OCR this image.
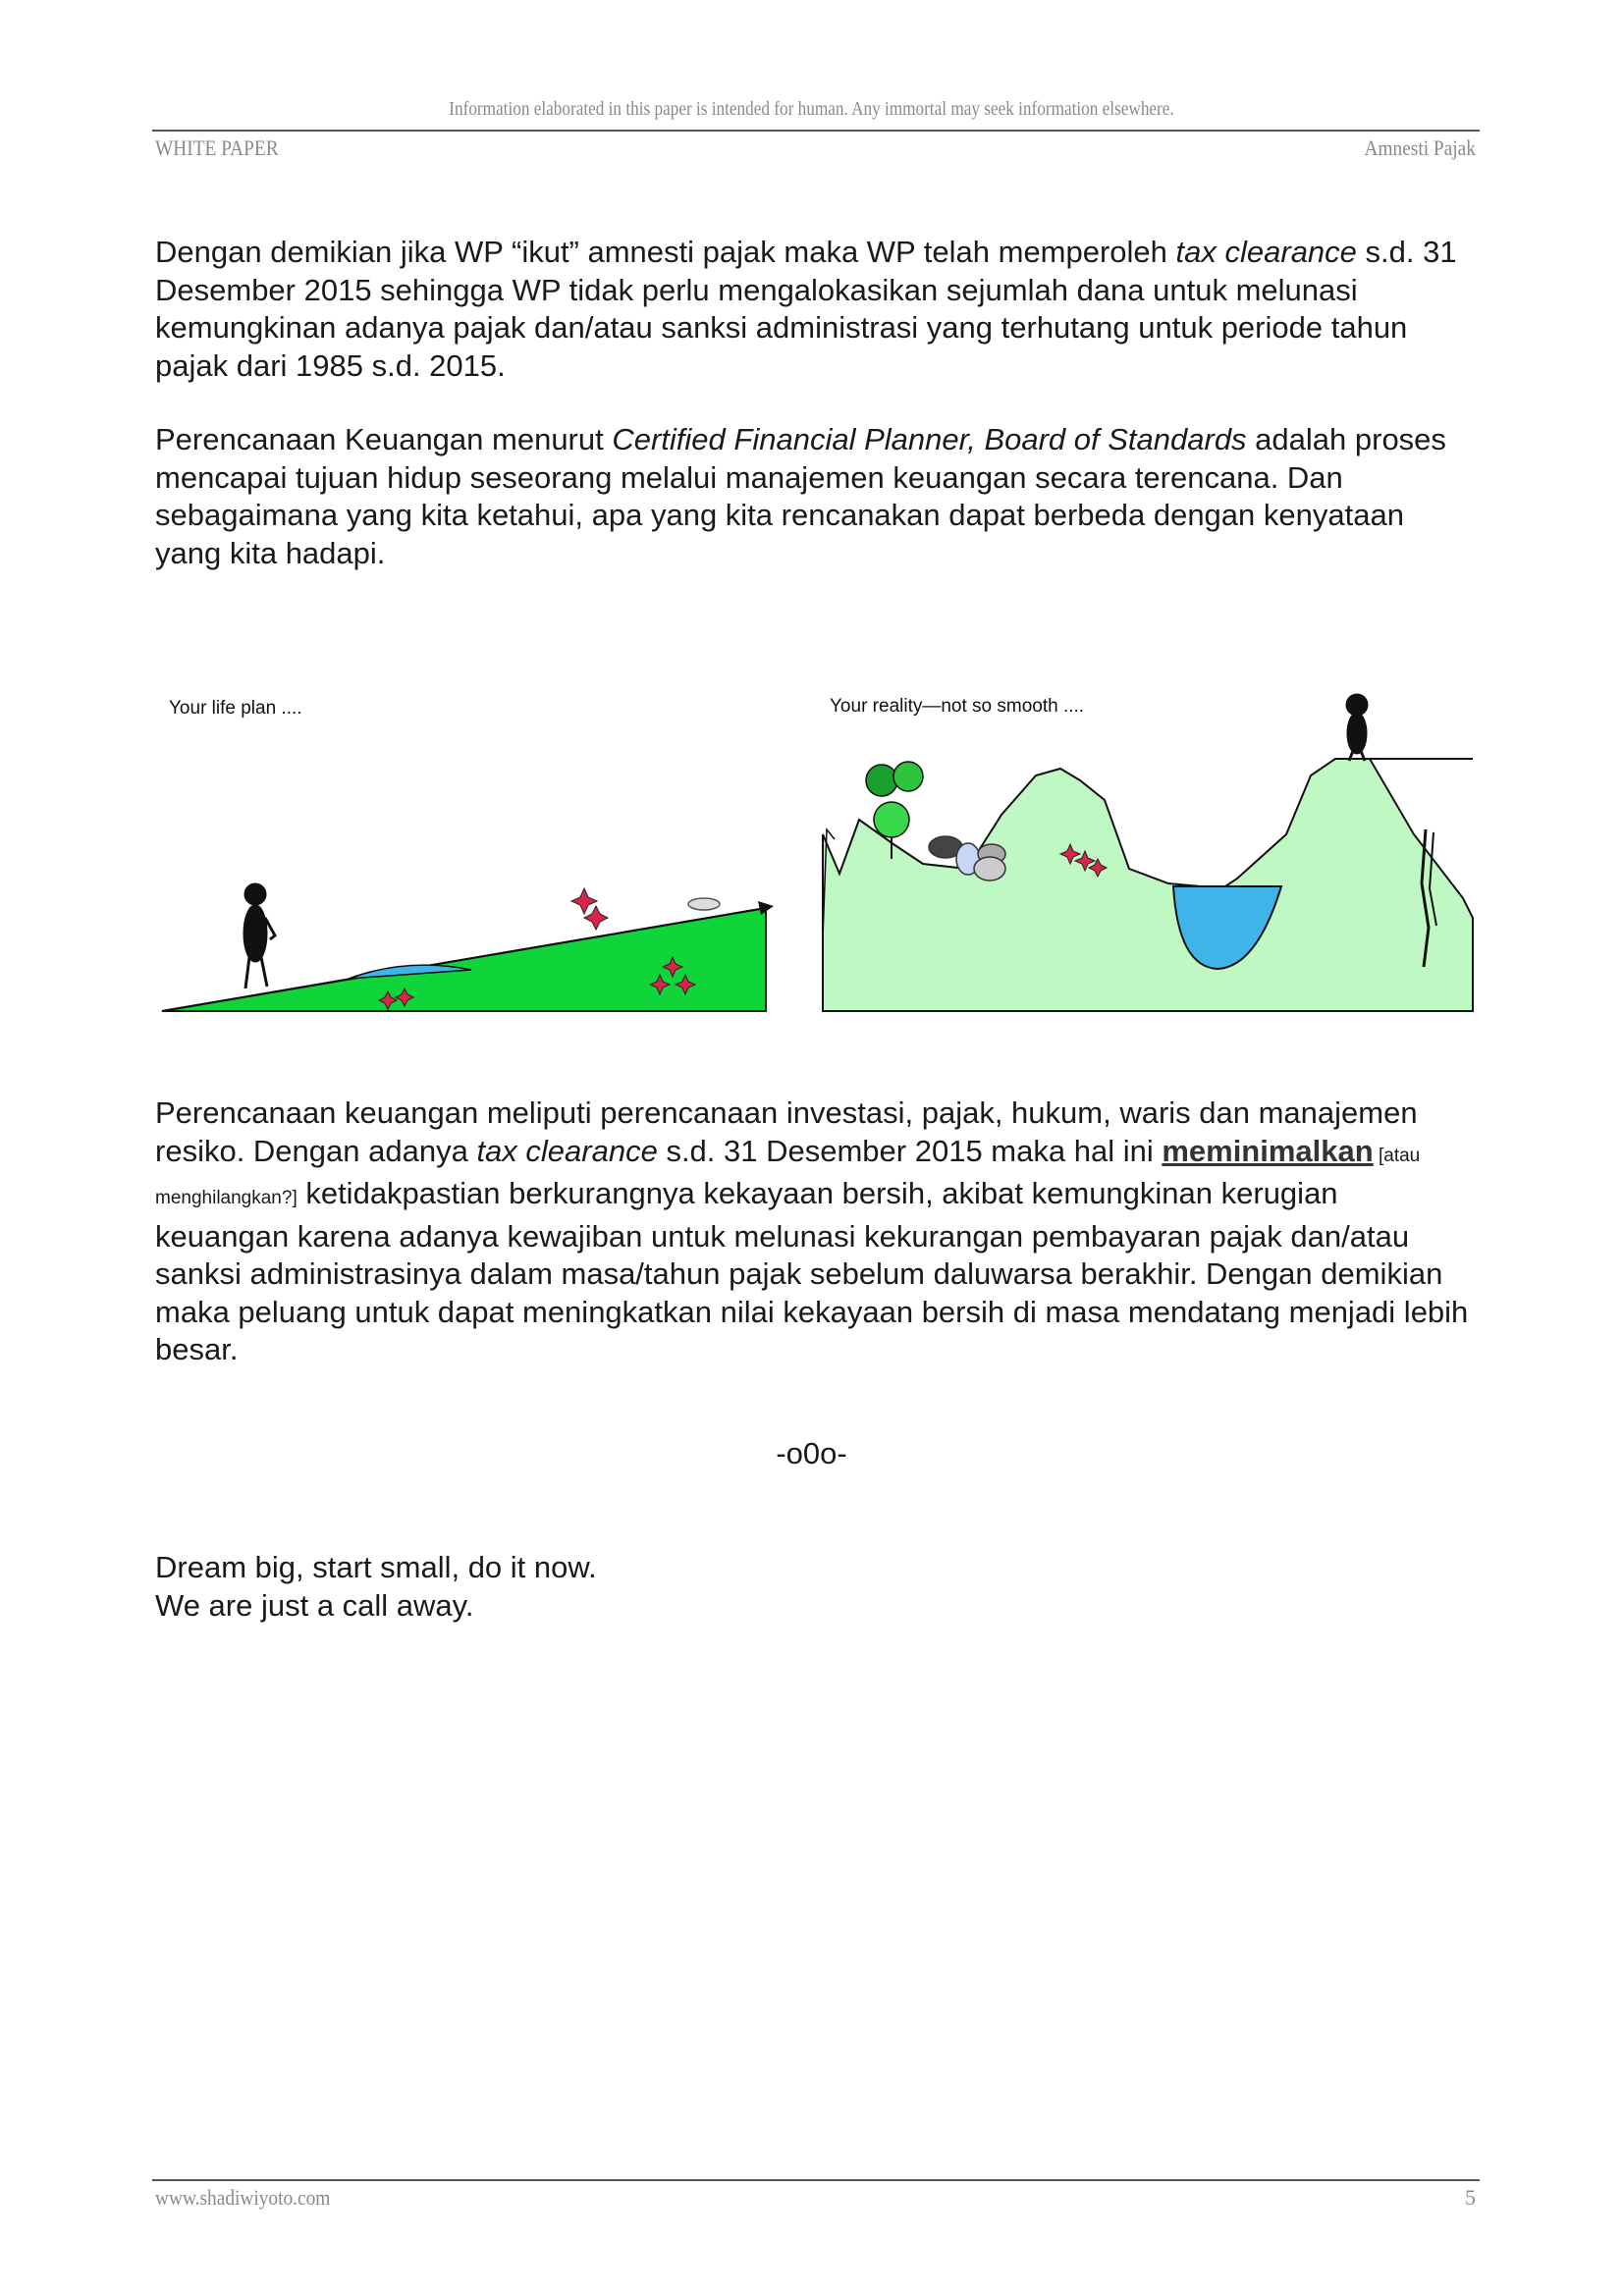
Information elaborated in this paper is intended for human. Any immortal may seek information elsewhere.
WHITE PAPER	Amnesti Pajak

Dengan demikian jika WP “ikut” amnesti pajak maka WP telah memperoleh tax clearance s.d. 31 Desember 2015 sehingga WP tidak perlu mengalokasikan sejumlah dana untuk melunasi kemungkinan adanya pajak dan/atau sanksi administrasi yang terhutang untuk periode tahun pajak dari 1985 s.d. 2015.

Perencanaan Keuangan menurut Certified Financial Planner, Board of Standards adalah proses mencapai tujuan hidup seseorang melalui manajemen keuangan secara terencana. Dan sebagaimana yang kita ketahui, apa yang kita rencanakan dapat berbeda dengan kenyataan yang kita hadapi.

Your life plan ....	Your reality—not so smooth ....

Perencanaan keuangan meliputi perencanaan investasi, pajak, hukum, waris dan manajemen resiko. Dengan adanya tax clearance s.d. 31 Desember 2015 maka hal ini meminimalkan [atau menghilangkan?] ketidakpastian berkurangnya kekayaan bersih, akibat kemungkinan kerugian keuangan karena adanya kewajiban untuk melunasi kekurangan pembayaran pajak dan/atau sanksi administrasinya dalam masa/tahun pajak sebelum daluwarsa berakhir. Dengan demikian maka peluang untuk dapat meningkatkan nilai kekayaan bersih di masa mendatang menjadi lebih besar.

-o0o-
Dream big, start small, do it now.
We are just a call away.
www.shadiwiyoto.com	5
